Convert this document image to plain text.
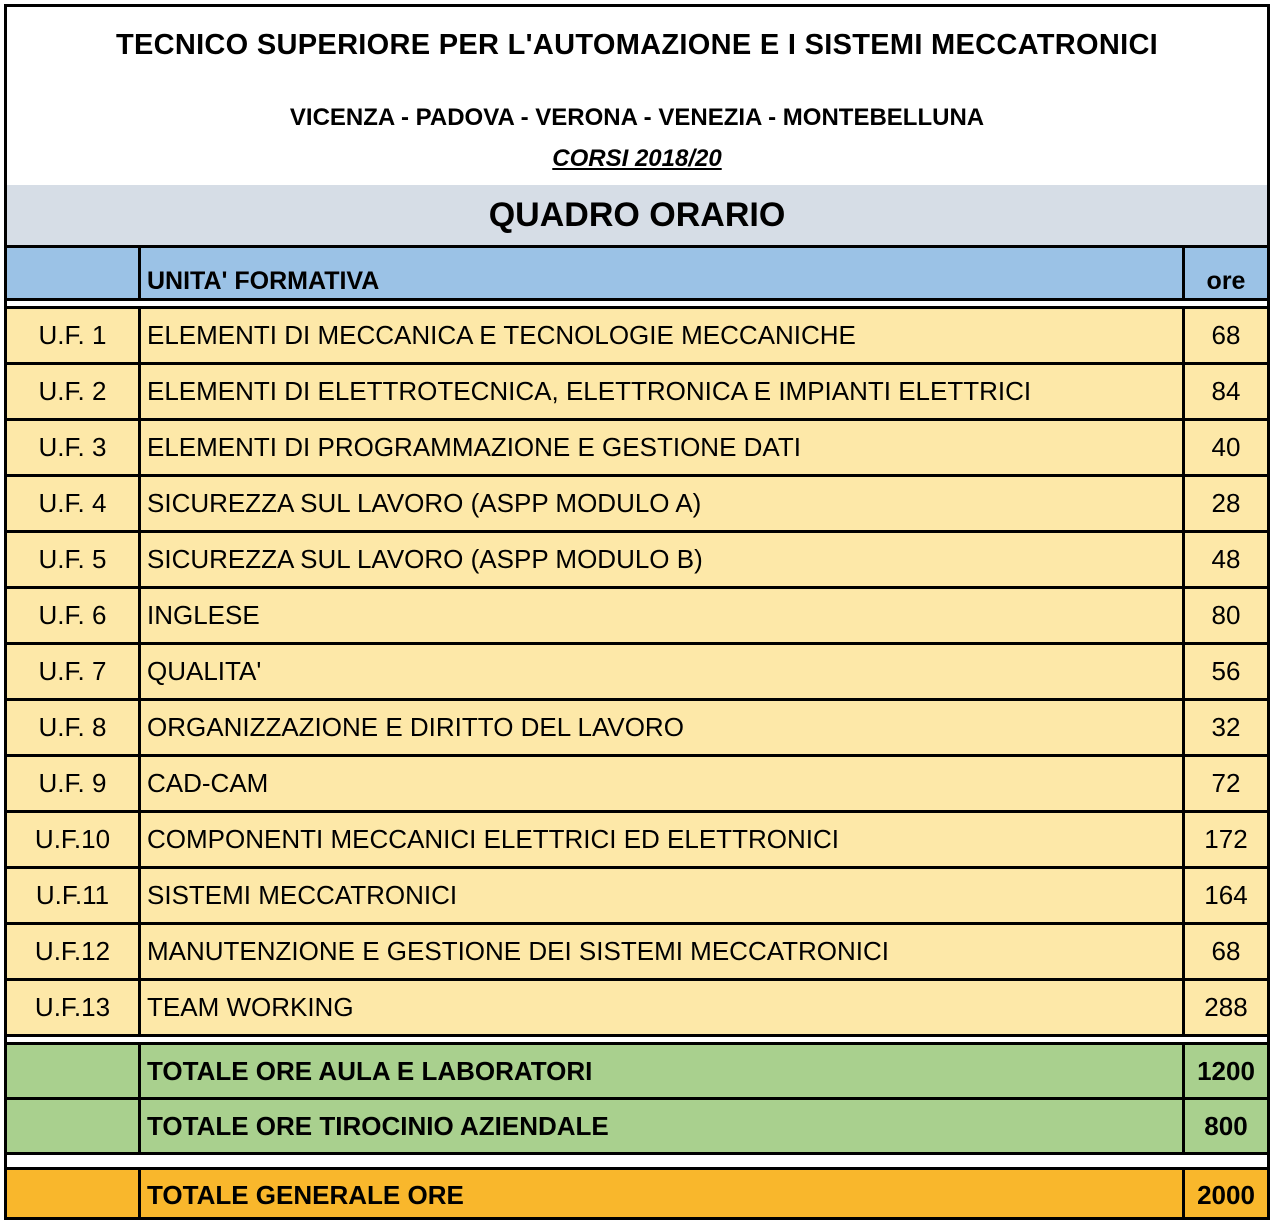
TECNICO SUPERIORE PER L'AUTOMAZIONE E I SISTEMI MECCATRONICI
VICENZA - PADOVA - VERONA - VENEZIA - MONTEBELLUNA
CORSI 2018/20
QUADRO ORARIO
	UNITA' FORMATIVA	ore
U.F. 1	ELEMENTI DI MECCANICA E TECNOLOGIE MECCANICHE	68
U.F. 2	ELEMENTI DI ELETTROTECNICA, ELETTRONICA E IMPIANTI ELETTRICI	84
U.F. 3	ELEMENTI DI PROGRAMMAZIONE E GESTIONE DATI	40
U.F. 4	SICUREZZA SUL LAVORO (ASPP MODULO A)	28
U.F. 5	SICUREZZA SUL LAVORO (ASPP MODULO B)	48
U.F. 6	INGLESE	80
U.F. 7	QUALITA'	56
U.F. 8	ORGANIZZAZIONE E DIRITTO DEL LAVORO	32
U.F. 9	CAD-CAM	72
U.F.10	COMPONENTI MECCANICI ELETTRICI ED ELETTRONICI	172
U.F.11	SISTEMI MECCATRONICI	164
U.F.12	MANUTENZIONE E GESTIONE DEI SISTEMI MECCATRONICI	68
U.F.13	TEAM WORKING	288
	TOTALE ORE AULA E LABORATORI	1200
	TOTALE ORE TIROCINIO AZIENDALE	800
	TOTALE GENERALE ORE	2000
